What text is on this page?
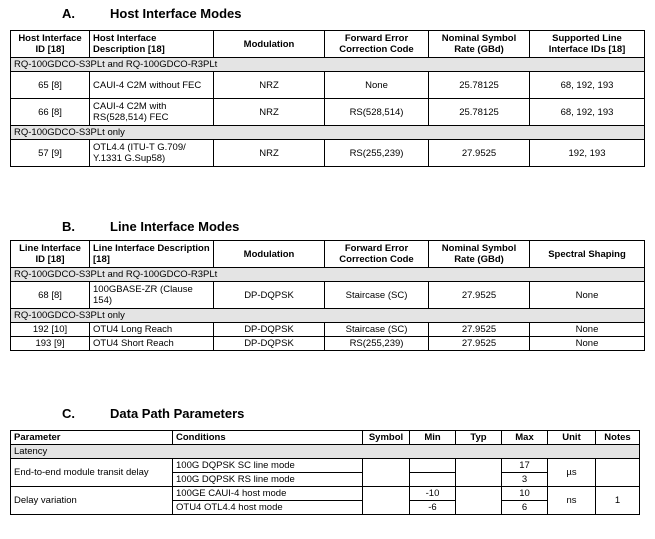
A.	Host Interface Modes
Host Interface ID [18]	Host Interface Description [18]	Modulation	Forward Error Correction Code	Nominal Symbol Rate (GBd)	Supported Line Interface IDs [18]
RQ-100GDCO-S3PLt and RQ-100GDCO-R3PLt					
65 [8]	CAUI-4 C2M without FEC	NRZ	None	25.78125	68, 192, 193
66 [8]	CAUI-4 C2M with RS(528,514) FEC	NRZ	RS(528,514)	25.78125	68, 192, 193
RQ-100GDCO-S3PLt only					
57 [9]	OTL4.4 (ITU-T G.709/ Y.1331 G.Sup58)	NRZ	RS(255,239)	27.9525	192, 193
B.	Line Interface Modes
Line Interface ID [18]	Line Interface Description [18]	Modulation	Forward Error Correction Code	Nominal Symbol Rate (GBd)	Spectral Shaping
RQ-100GDCO-S3PLt and RQ-100GDCO-R3PLt					
68 [8]	100GBASE-ZR (Clause 154)	DP-DQPSK	Staircase (SC)	27.9525	None
RQ-100GDCO-S3PLt only					
192 [10]	OTU4 Long Reach	DP-DQPSK	Staircase (SC)	27.9525	None
193 [9]	OTU4 Short Reach	DP-DQPSK	RS(255,239)	27.9525	None
C.	Data Path Parameters
Parameter	Conditions	Symbol	Min	Typ	Max	Unit	Notes
Latency							
End-to-end module transit delay	100G DQPSK SC line mode				17	µs	
	100G DQPSK RS line mode				3		
Delay variation	100GE CAUI-4 host mode		-10		10	ns	1
	OTU4 OTL4.4 host mode		-6		6		
